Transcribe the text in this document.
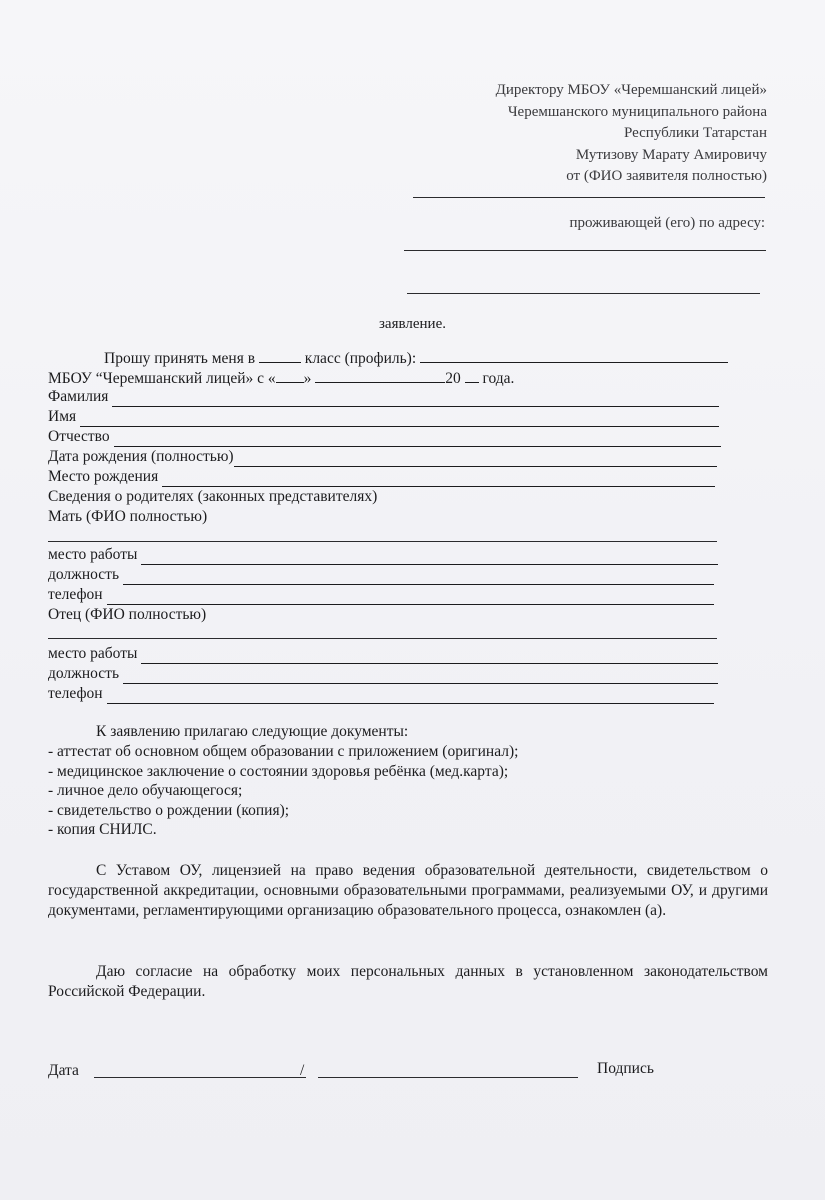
Директору МБОУ «Черемшанский лицей»
Черемшанского муниципального района
Республики Татарстан
Мутизову Марату Амировичу
от (ФИО заявителя полностью)
проживающей (его) по адресу:
заявление.
Прошу принять меня в	класс (профиль):
МБОУ “Черемшанский лицей» с « »	20 года.
Фамилия
Имя
Отчество
Дата рождения (полностью)
Место рождения
Сведения о родителях (законных представителях)
Мать (ФИО полностью)
место работы
должность
телефон
Отец (ФИО полностью)
место работы
должность
телефон
К заявлению прилагаю следующие документы:
- аттестат об основном общем образовании с приложением (оригинал);
- медицинское заключение о состоянии здоровья ребёнка (мед.карта);
- личное дело обучающегося;
- свидетельство о рождении (копия);
- копия СНИЛС.
С Уставом ОУ, лицензией на право ведения образовательной деятельности, свидетельством о государственной аккредитации, основными образовательными программами, реализуемыми ОУ, и другими документами, регламентирующими организацию образовательного процесса, ознакомлен (а).
Даю согласие на обработку моих персональных данных в установленном законодательством Российской Федерации.
Дата	/	Подпись
